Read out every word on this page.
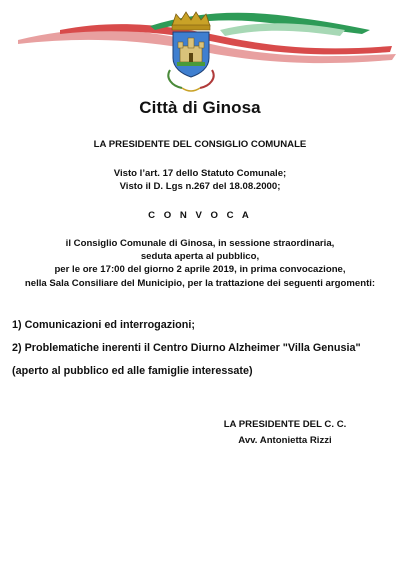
Città di Ginosa

LA PRESIDENTE DEL CONSIGLIO COMUNALE

Visto l’art. 17 dello Statuto Comunale;

Visto il D. Lgs n.267 del 18.08.2000;

C O N V O C A

il Consiglio Comunale di Ginosa, in sessione straordinaria,

seduta aperta al pubblico,

per le ore 17:00 del giorno 2 aprile 2019, in prima convocazione,

nella Sala Consiliare del Municipio, per la trattazione dei seguenti argomenti:

1) Comunicazioni ed interrogazioni;

2) Problematiche inerenti il Centro Diurno Alzheimer "Villa Genusia"

(aperto al pubblico ed alle famiglie interessate)

LA PRESIDENTE DEL C. C.

Avv. Antonietta Rizzi
